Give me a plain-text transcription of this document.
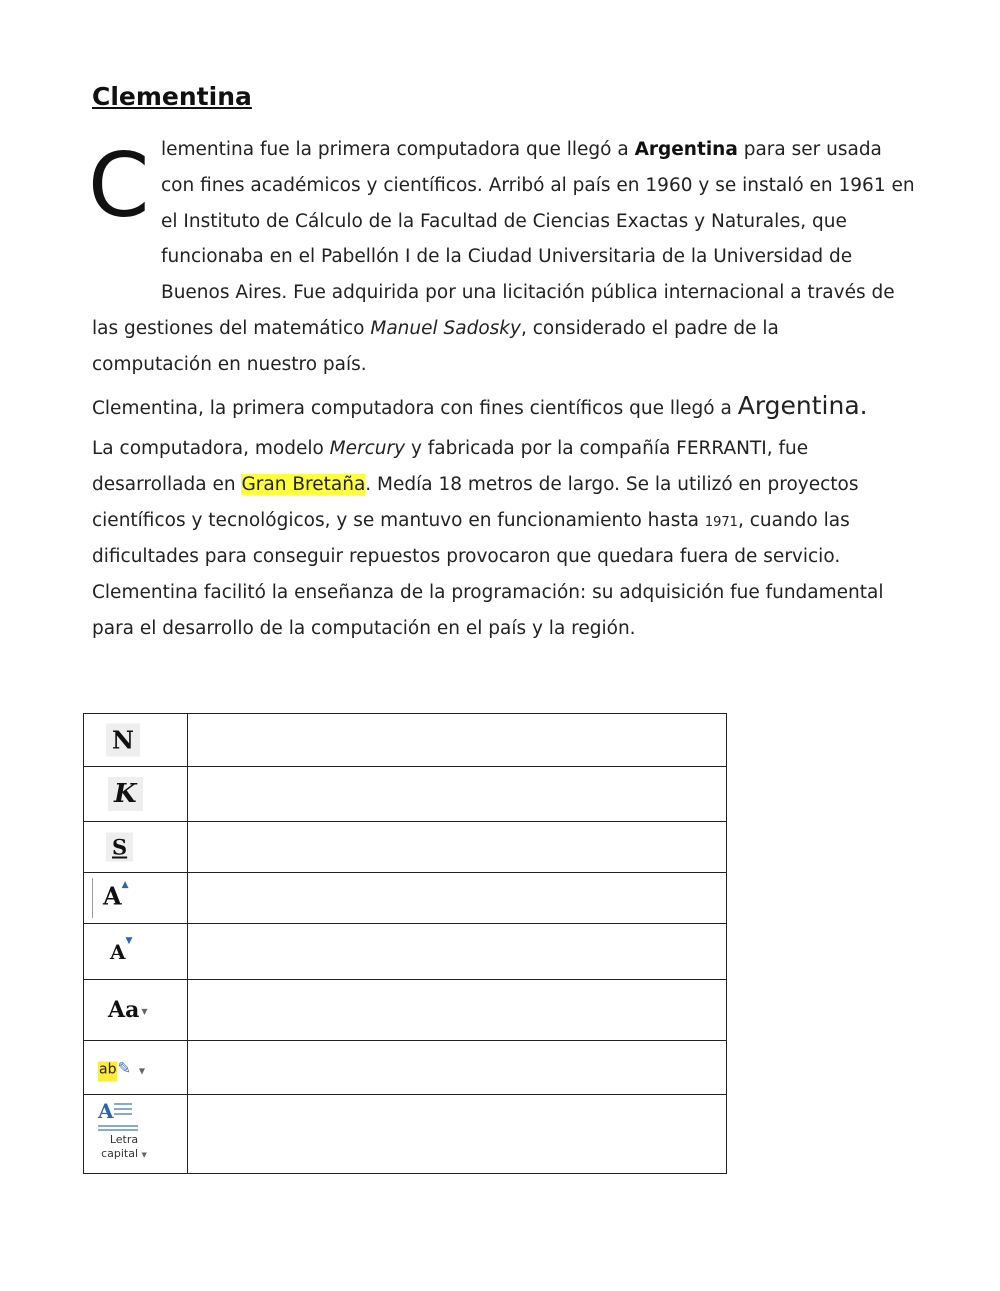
Clementina
C lementina fue la primera computadora que llegó a Argentina para ser usada
con fines académicos y científicos. Arribó al país en 1960 y se instaló en 1961 en
el Instituto de Cálculo de la Facultad de Ciencias Exactas y Naturales, que
funcionaba en el Pabellón I de la Ciudad Universitaria de la Universidad de
Buenos Aires. Fue adquirida por una licitación pública internacional a través de
las gestiones del matemático Manuel Sadosky, considerado el padre de la
computación en nuestro país.
Clementina, la primera computadora con fines científicos que llegó a Argentina.
La computadora, modelo Mercury y fabricada por la compañía FERRANTI, fue
desarrollada en Gran Bretaña. Medía 18 metros de largo. Se la utilizó en proyectos
científicos y tecnológicos, y se mantuvo en funcionamiento hasta 1971, cuando las
dificultades para conseguir repuestos provocaron que quedara fuera de servicio.
Clementina facilitó la enseñanza de la programación: su adquisición fue fundamental
para el desarrollo de la computación en el país y la región.
N	

K	

S	

A▲

A▼

Aa ▼	

ab✎ ▼	

A
Letra
capital ▼	
